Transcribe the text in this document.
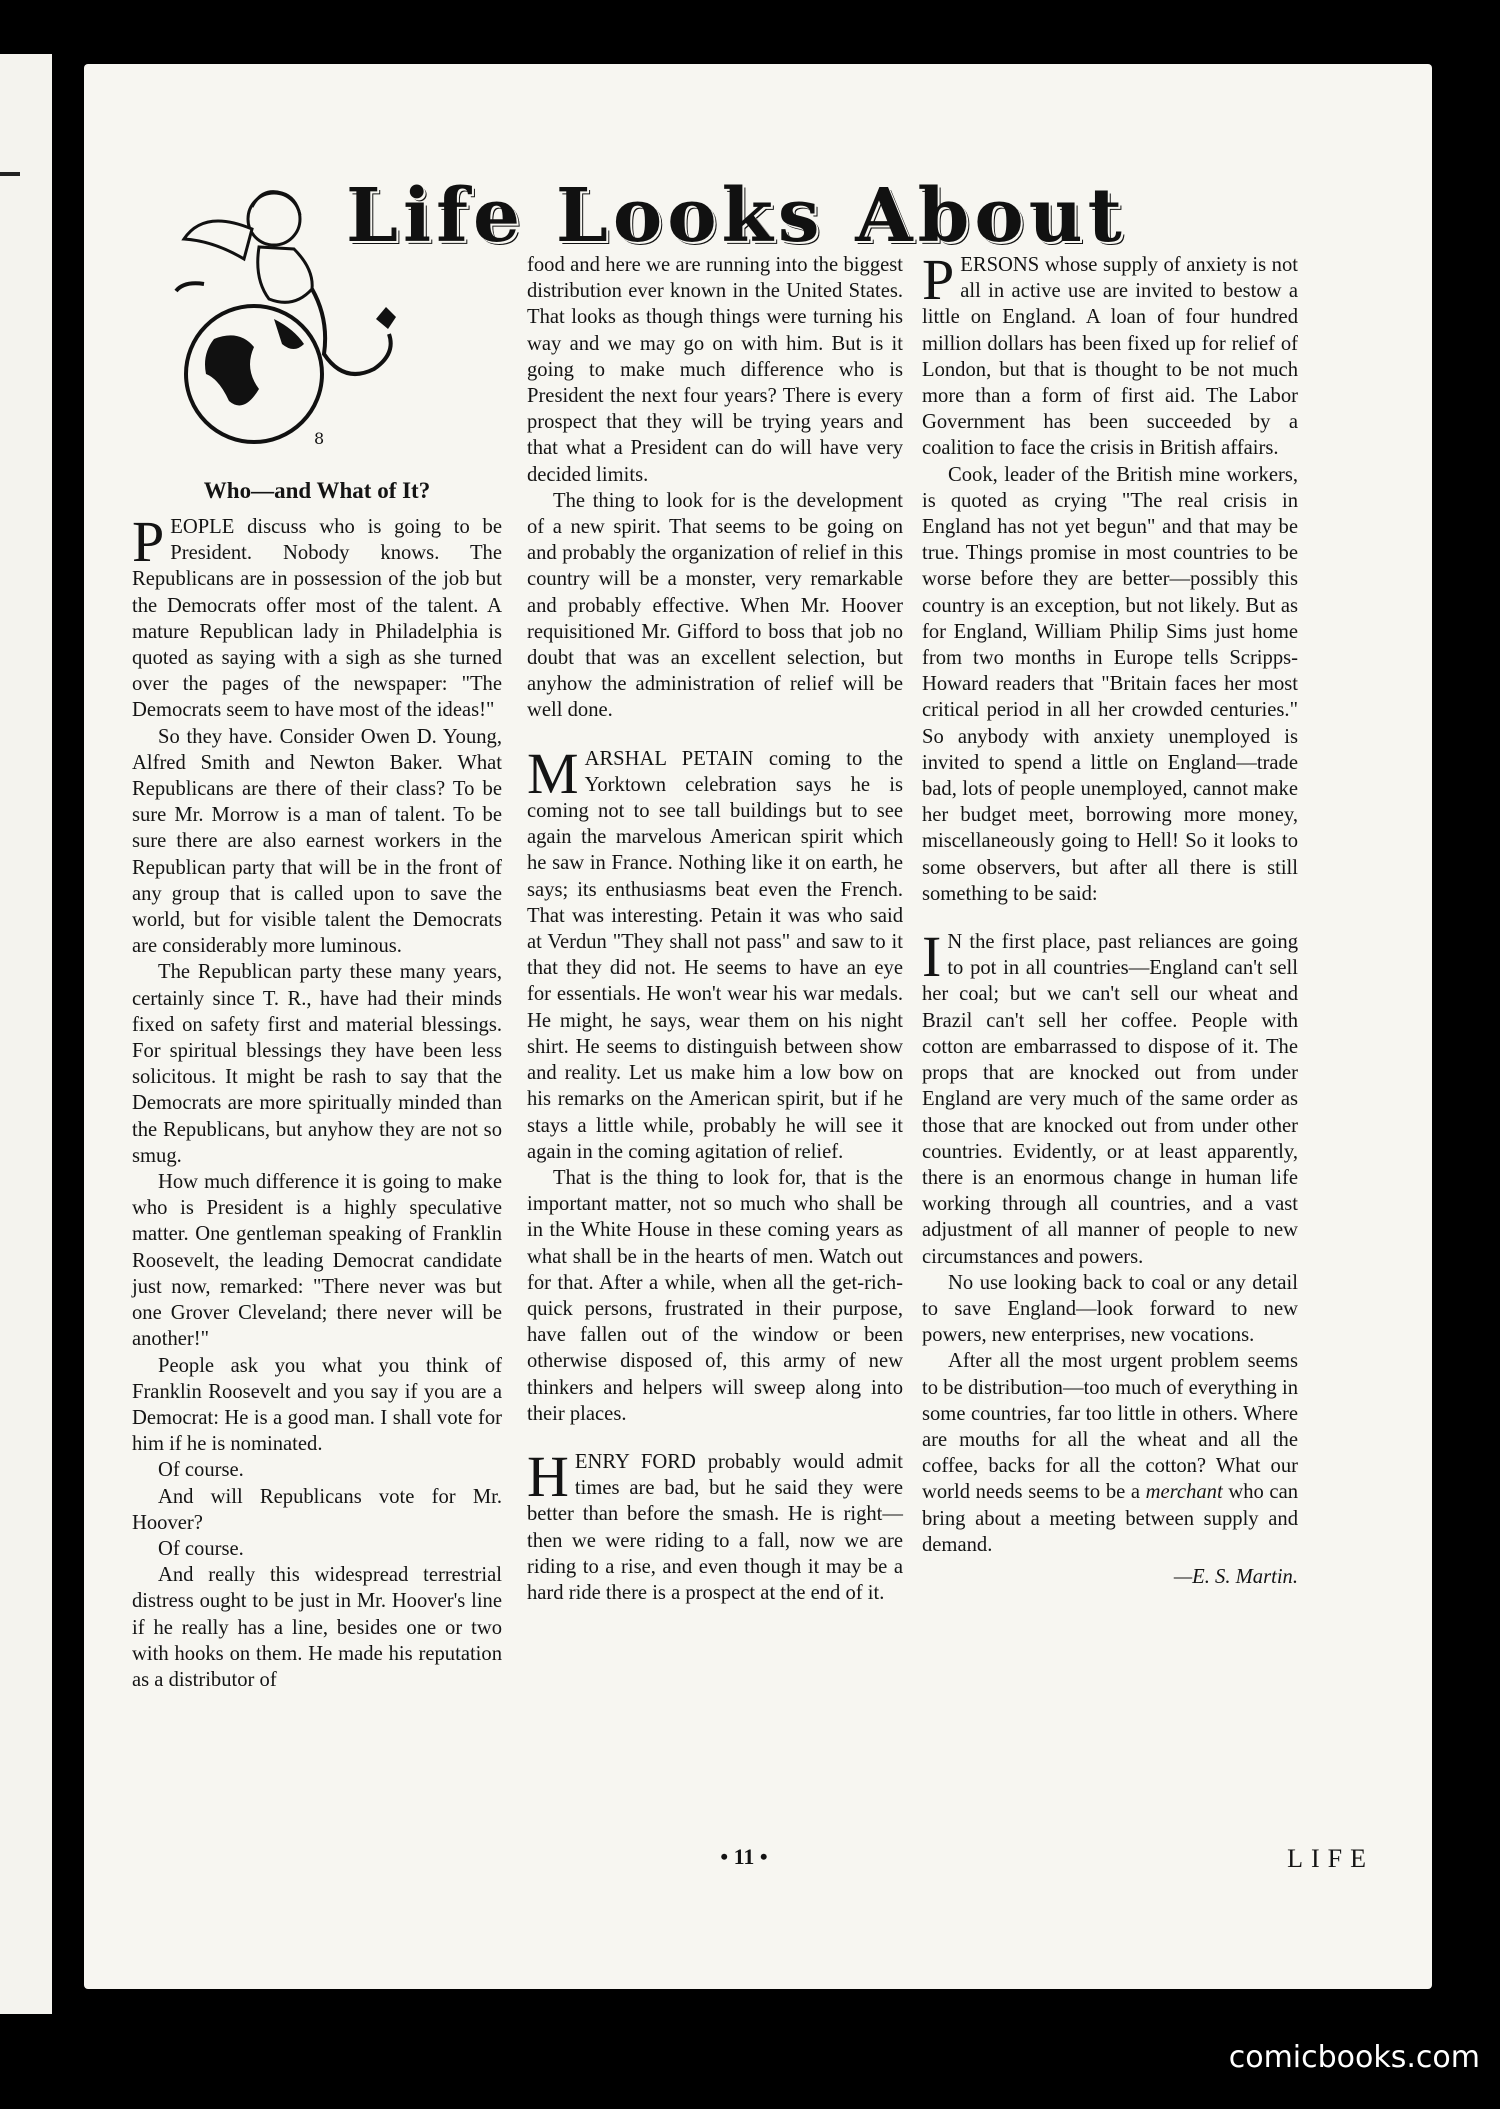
8
Life Looks About
Who—and What of It?

PEOPLE discuss who is going to be President. Nobody knows. The Republicans are in possession of the job but the Democrats offer most of the talent. A mature Republican lady in Philadelphia is quoted as saying with a sigh as she turned over the pages of the newspaper: "The Democrats seem to have most of the ideas!"

So they have. Consider Owen D. Young, Alfred Smith and Newton Baker. What Republicans are there of their class? To be sure Mr. Morrow is a man of talent. To be sure there are also earnest workers in the Republican party that will be in the front of any group that is called upon to save the world, but for visible talent the Democrats are considerably more luminous.

The Republican party these many years, certainly since T. R., have had their minds fixed on safety first and material blessings. For spiritual blessings they have been less solicitous. It might be rash to say that the Democrats are more spiritually minded than the Republicans, but anyhow they are not so smug.

How much difference it is going to make who is President is a highly speculative matter. One gentleman speaking of Franklin Roosevelt, the leading Democrat candidate just now, remarked: "There never was but one Grover Cleveland; there never will be another!"

People ask you what you think of Franklin Roosevelt and you say if you are a Democrat: He is a good man. I shall vote for him if he is nominated.

Of course.

And will Republicans vote for Mr. Hoover?

Of course.

And really this widespread terrestrial distress ought to be just in Mr. Hoover's line if he really has a line, besides one or two with hooks on them. He made his reputation as a distributor of

food and here we are running into the biggest distribution ever known in the United States. That looks as though things were turning his way and we may go on with him. But is it going to make much difference who is President the next four years? There is every prospect that they will be trying years and that what a President can do will have very decided limits.

The thing to look for is the development of a new spirit. That seems to be going on and probably the organization of relief in this country will be a monster, very remarkable and probably effective. When Mr. Hoover requisitioned Mr. Gifford to boss that job no doubt that was an excellent selection, but anyhow the administration of relief will be well done.

MARSHAL PETAIN coming to the Yorktown celebration says he is coming not to see tall buildings but to see again the marvelous American spirit which he saw in France. Nothing like it on earth, he says; its enthusiasms beat even the French. That was interesting. Petain it was who said at Verdun "They shall not pass" and saw to it that they did not. He seems to have an eye for essentials. He won't wear his war medals. He might, he says, wear them on his night shirt. He seems to distinguish between show and reality. Let us make him a low bow on his remarks on the American spirit, but if he stays a little while, probably he will see it again in the coming agitation of relief.

That is the thing to look for, that is the important matter, not so much who shall be in the White House in these coming years as what shall be in the hearts of men. Watch out for that. After a while, when all the get-rich-quick persons, frustrated in their purpose, have fallen out of the window or been otherwise disposed of, this army of new thinkers and helpers will sweep along into their places.

HENRY FORD probably would admit times are bad, but he said they were better than before the smash. He is right—then we were riding to a fall, now we are riding to a rise, and even though it may be a hard ride there is a prospect at the end of it.

PERSONS whose supply of anxiety is not all in active use are invited to bestow a little on England. A loan of four hundred million dollars has been fixed up for relief of London, but that is thought to be not much more than a form of first aid. The Labor Government has been succeeded by a coalition to face the crisis in British affairs.

Cook, leader of the British mine workers, is quoted as crying "The real crisis in England has not yet begun" and that may be true. Things promise in most countries to be worse before they are better—possibly this country is an exception, but not likely. But as for England, William Philip Sims just home from two months in Europe tells Scripps-Howard readers that "Britain faces her most critical period in all her crowded centuries." So anybody with anxiety unemployed is invited to spend a little on England—trade bad, lots of people unemployed, cannot make her budget meet, borrowing more money, miscellaneously going to Hell! So it looks to some observers, but after all there is still something to be said:

I N the first place, past reliances are going to pot in all countries—England can't sell her coal; but we can't sell our wheat and Brazil can't sell her coffee. People with cotton are embarrassed to dispose of it. The props that are knocked out from under England are very much of the same order as those that are knocked out from under other countries. Evidently, or at least apparently, there is an enormous change in human life working through all countries, and a vast adjustment of all manner of people to new circumstances and powers.

No use looking back to coal or any detail to save England—look forward to new powers, new enterprises, new vocations.

After all the most urgent problem seems to be distribution—too much of everything in some countries, far too little in others. Where are mouths for all the wheat and all the coffee, backs for all the cotton? What our world needs seems to be a merchant who can bring about a meeting between supply and demand.

—E. S. Martin.

• 11 •	LIFE
comicbooks.com
